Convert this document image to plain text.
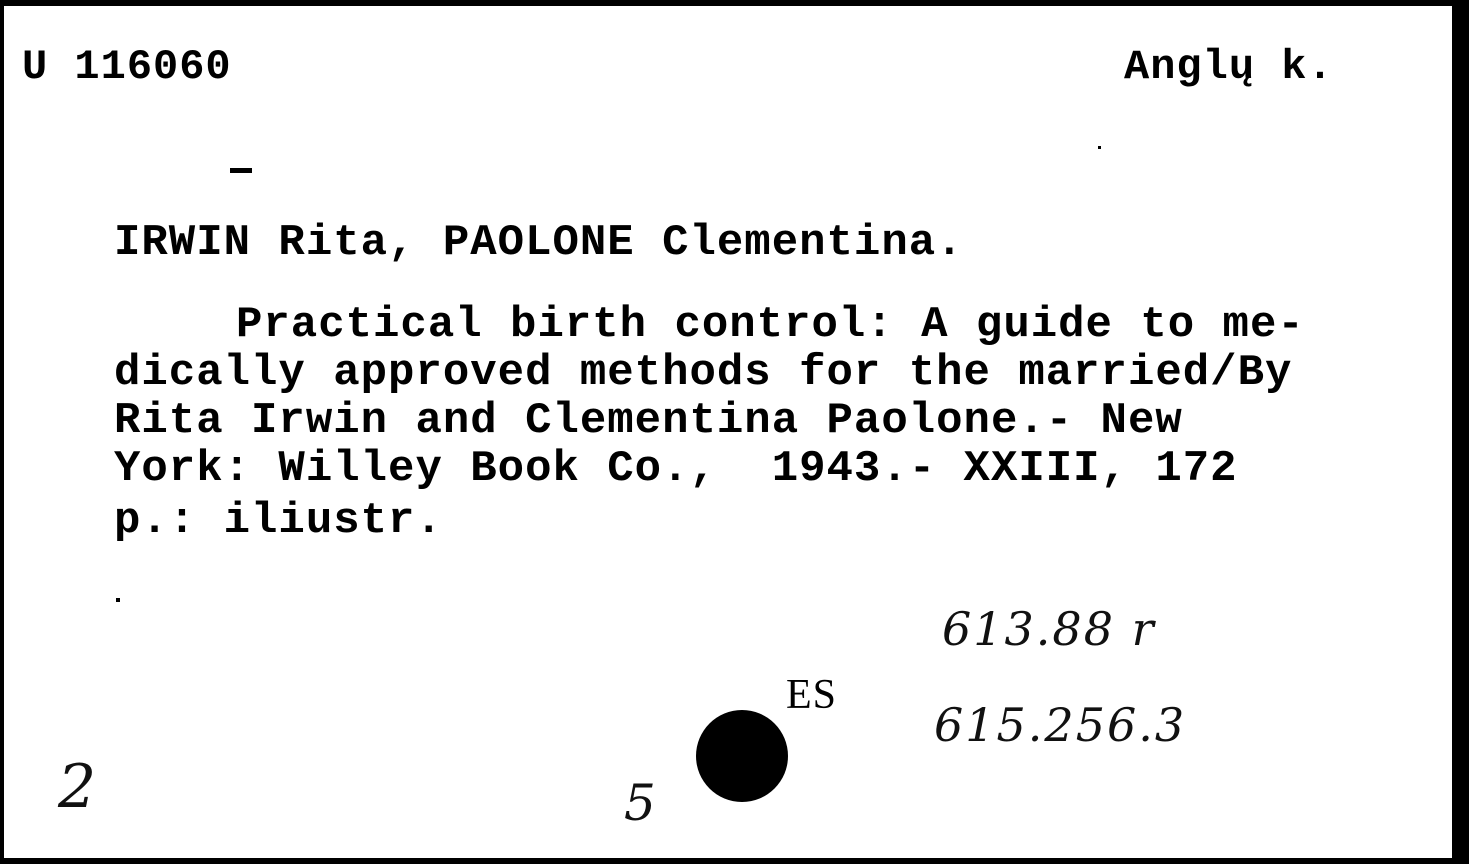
U 116060	Anglų k.
IRWIN Rita, PAOLONE Clementina.
Practical birth control: A guide to me-
dically approved methods for the married/By
Rita Irwin and Clementina Paolone.- New
York: Willey Book Co.,  1943.- XXIII, 172
p.: iliustr.
ES
613.88 r
615.256.3
2	5
